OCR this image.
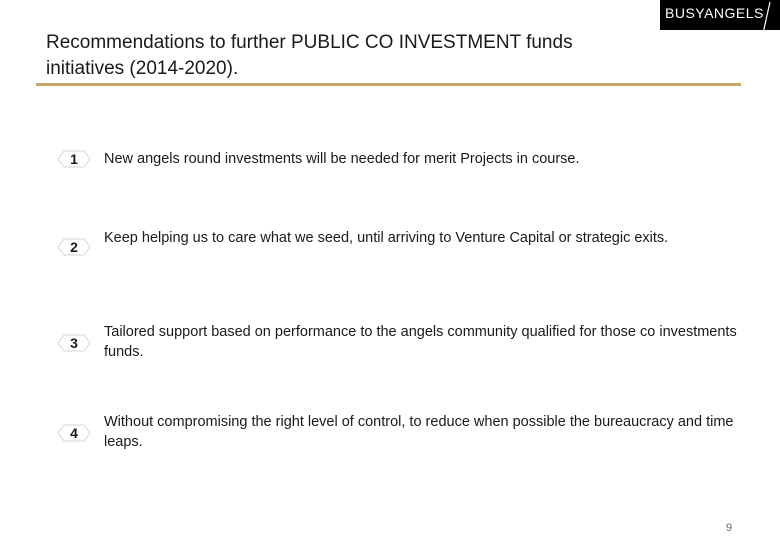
BUSYANGELS
Recommendations to further PUBLIC CO INVESTMENT funds
initiatives (2014-2020).
1 New angels round investments will be needed for merit Projects in course.
2
Keep helping us to care what we seed, until arriving to Venture Capital or strategic exits.
3
Tailored support based on performance to the angels community qualified for those co investments funds.
4
Without compromising the right level of control, to reduce when possible the bureaucracy and time leaps.
9
